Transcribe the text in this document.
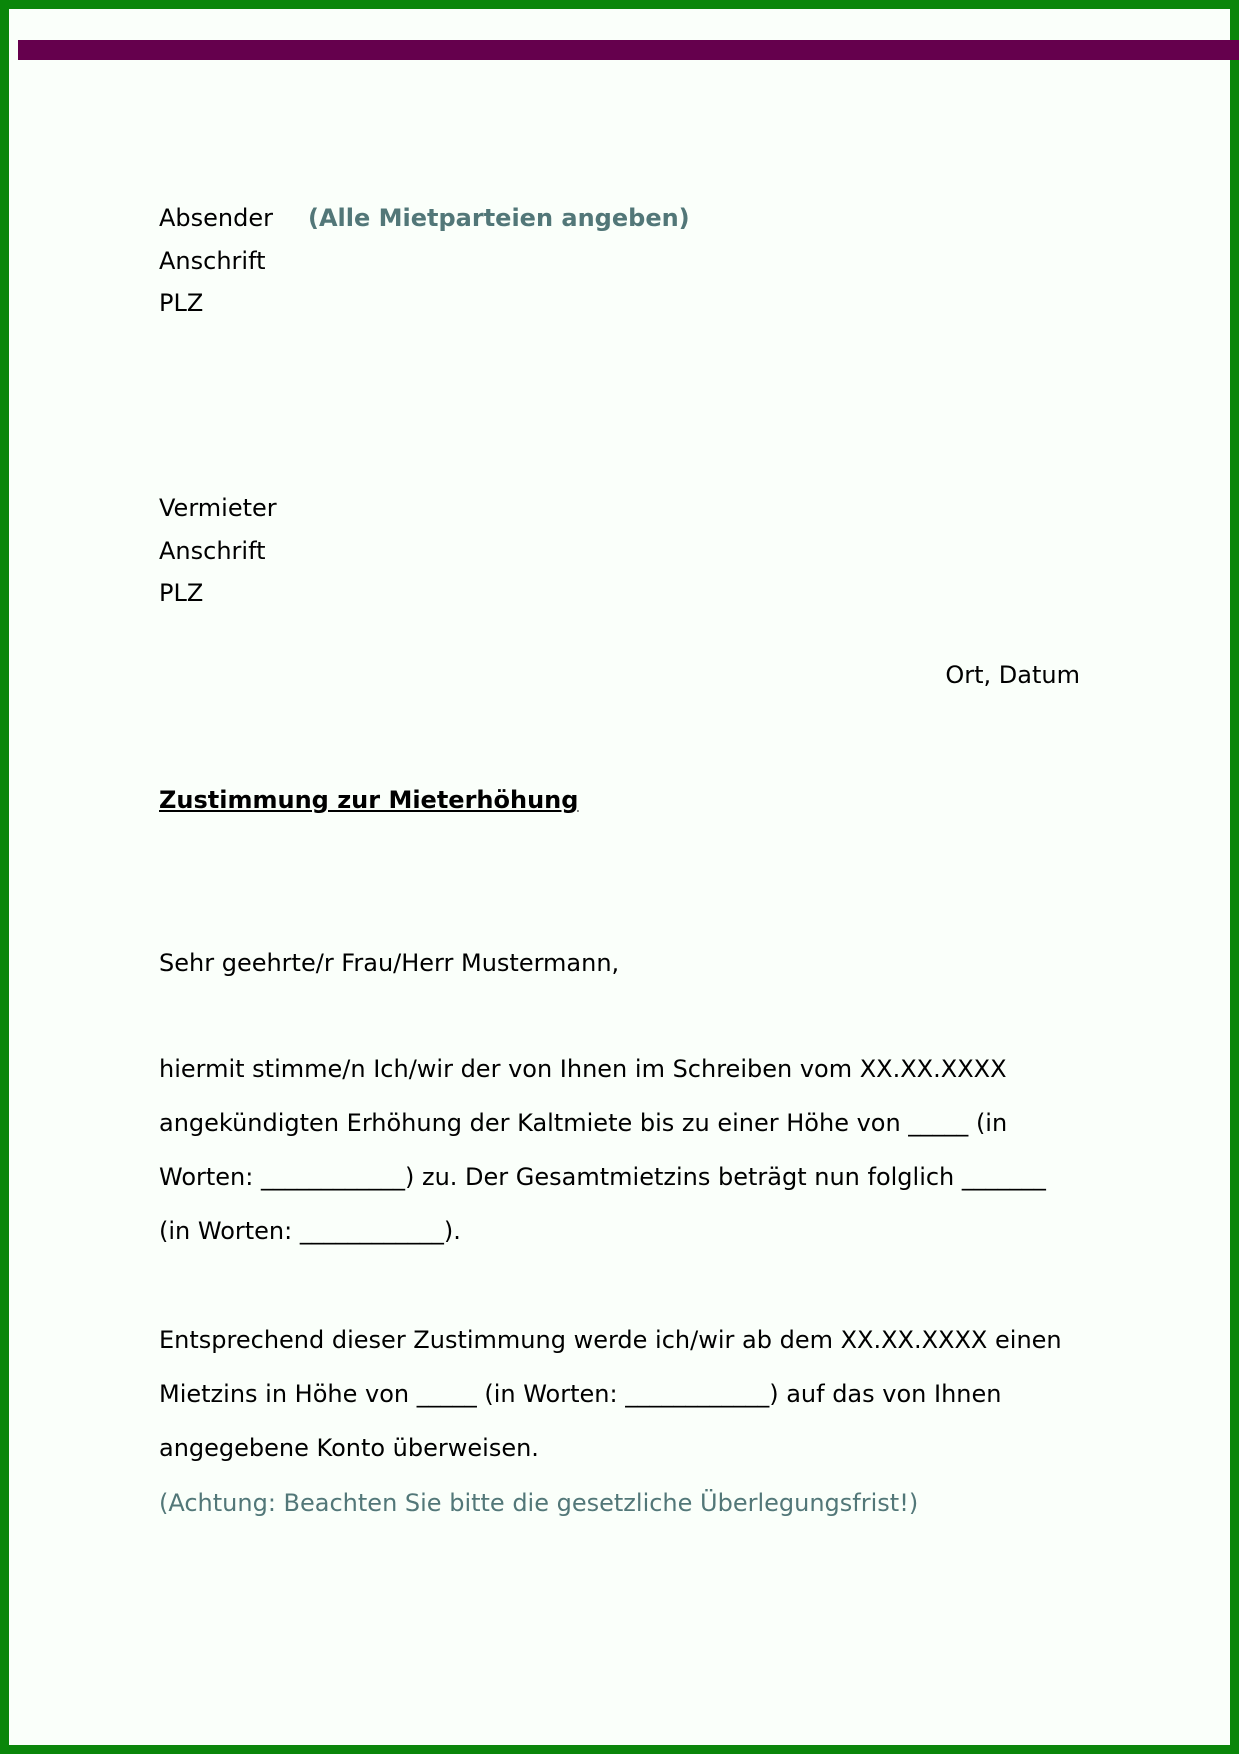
Absender (Alle Mietparteien angeben)
Anschrift
PLZ
Vermieter
Anschrift
PLZ
Ort, Datum
Zustimmung zur Mieterhöhung
Sehr geehrte/r Frau/Herr Mustermann,
hiermit stimme/n Ich/wir der von Ihnen im Schreiben vom XX.XX.XXXX
angekündigten Erhöhung der Kaltmiete bis zu einer Höhe von _____ (in
Worten: ____________) zu. Der Gesamtmietzins beträgt nun folglich _______
(in Worten: ____________).
Entsprechend dieser Zustimmung werde ich/wir ab dem XX.XX.XXXX einen
Mietzins in Höhe von _____ (in Worten: ____________) auf das von Ihnen
angegebene Konto überweisen.
(Achtung: Beachten Sie bitte die gesetzliche Überlegungsfrist!)
